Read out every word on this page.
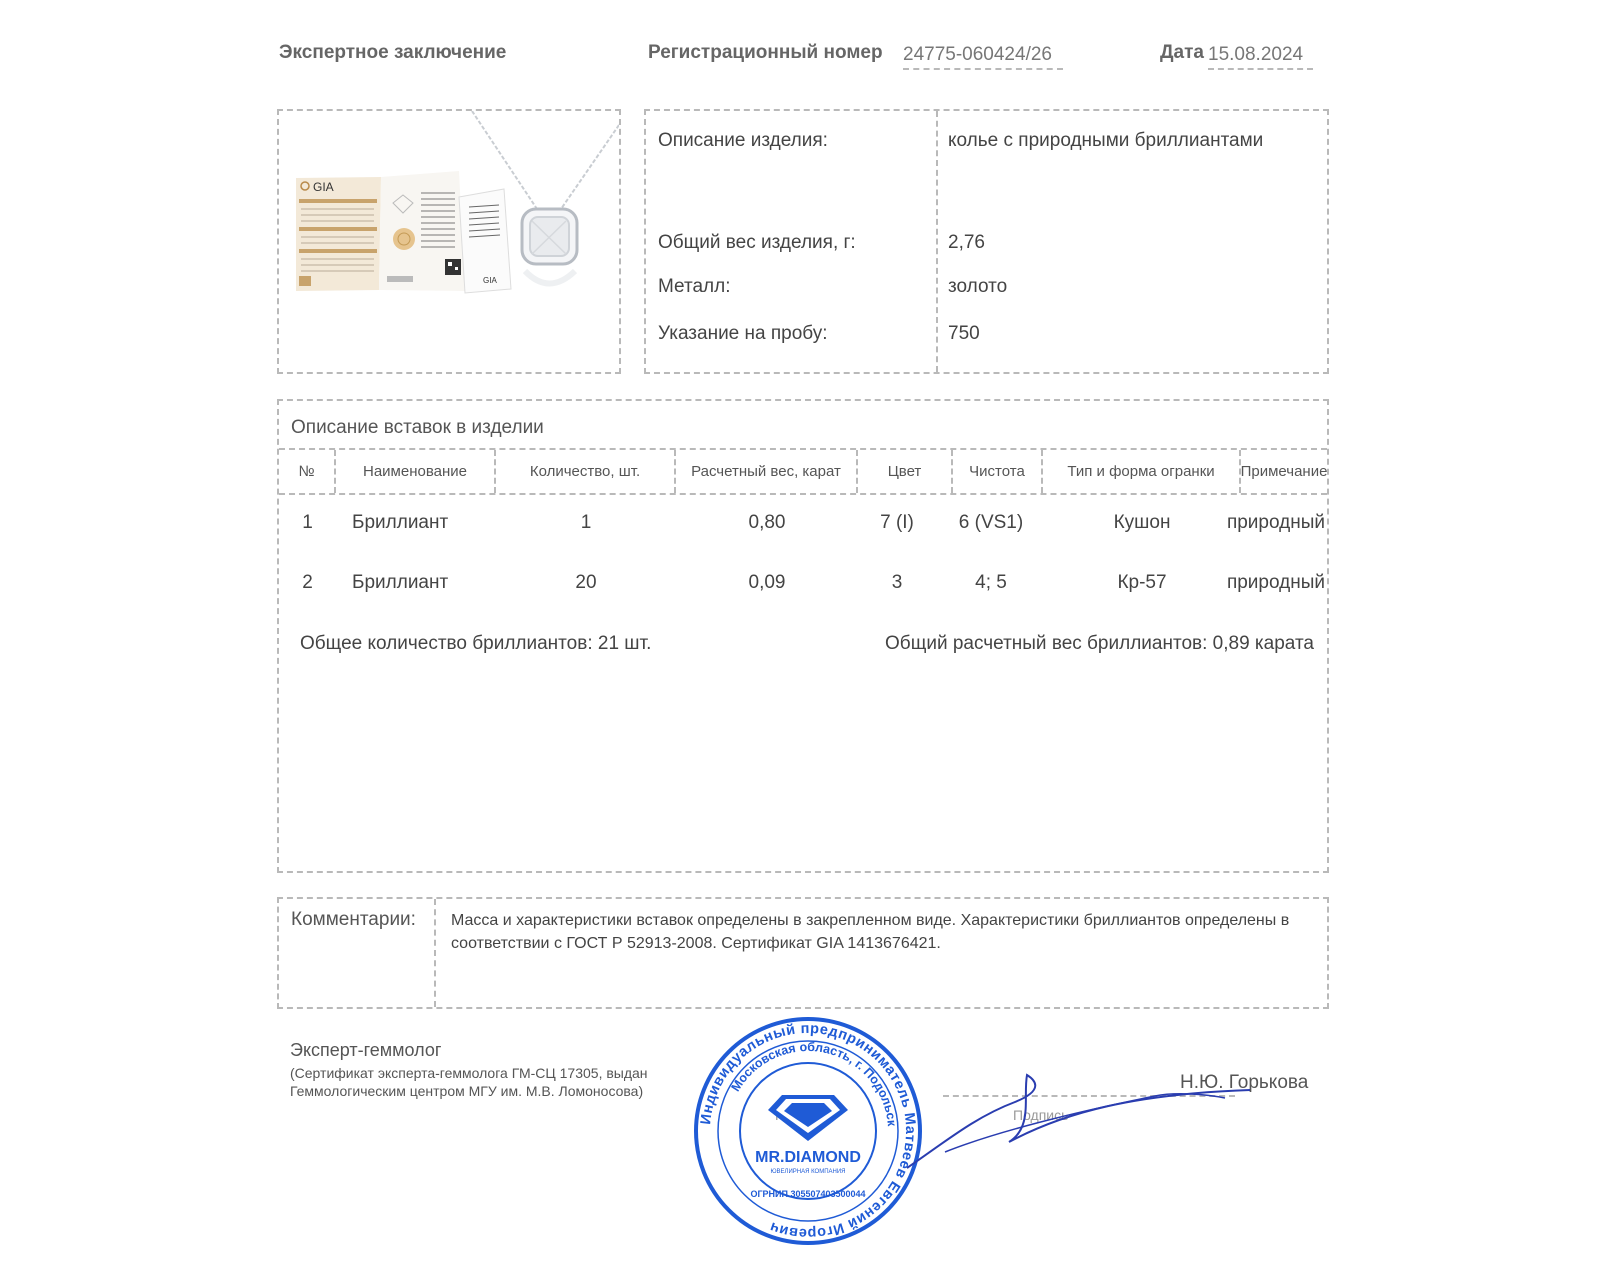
Экспертное заключение	Регистрационный номер 24775-060424/26	Дата 15.08.2024
GIA
GIA
Описание изделия:	колье с природными бриллиантами
Общий вес изделия, г:	2,76
Металл:	золото
Указание на пробу:	750
Описание вставок в изделии
№	Наименование	Количество, шт.	Расчетный вес, карат	Цвет	Чистота	Тип и форма огранки	Примечание
1	Бриллиант	1	0,80	7 (I)	6 (VS1)	Кушон	природный
2	Бриллиант	20	0,09	3	4; 5	Кр-57	природный
Общее количество бриллиантов: 21 шт.	Общий расчетный вес бриллиантов: 0,89 карата
Комментарии: Масса и характеристики вставок определены в закрепленном виде. Характеристики бриллиантов определены в соответствии с ГОСТ Р 52913-2008. Сертификат GIA 1413676421.
Эксперт-геммолог
(Сертификат эксперта-геммолога ГМ-СЦ 17305, выдан Геммологическим центром МГУ им. М.В. Ломоносова)
Подпись
Н.Ю. Горькова
Индивидуальный предприниматель Матвеев Евгений Игоревич
Московская область, г. Подольск
MR.DIAMOND
ЮВЕЛИРНАЯ КОМПАНИЯ
ОГРНИП 305507403500044
